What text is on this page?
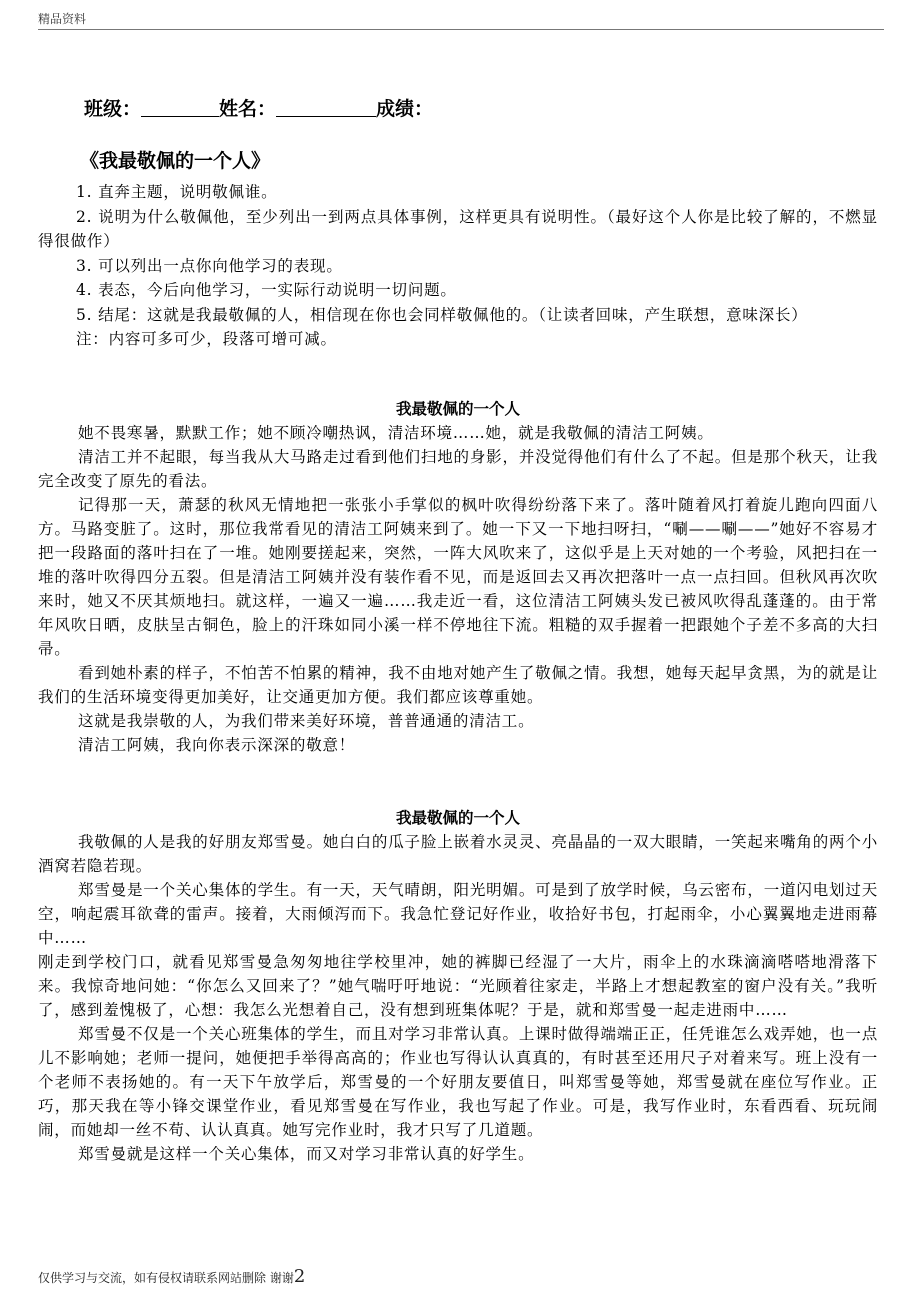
精品资料
班级：	姓名：	成绩：
《我最敬佩的一个人》

1. 直奔主题，说明敬佩谁。

2. 说明为什么敬佩他，至少列出一到两点具体事例，这样更具有说明性。（最好这个人你是比较了解的，不燃显得很做作）

3. 可以列出一点你向他学习的表现。

4. 表态，今后向他学习，一实际行动说明一切问题。

5. 结尾：这就是我最敬佩的人，相信现在你也会同样敬佩他的。（让读者回味，产生联想，意味深长）

注：内容可多可少，段落可增可减。

我最敬佩的一个人

她不畏寒暑，默默工作；她不顾冷嘲热讽，清洁环境……她，就是我敬佩的清洁工阿姨。

清洁工并不起眼，每当我从大马路走过看到他们扫地的身影，并没觉得他们有什么了不起。但是那个秋天，让我完全改变了原先的看法。

记得那一天，萧瑟的秋风无情地把一张张小手掌似的枫叶吹得纷纷落下来了。落叶随着风打着旋儿跑向四面八方。马路变脏了。这时，那位我常看见的清洁工阿姨来到了。她一下又一下地扫呀扫，“唰——唰——”她好不容易才把一段路面的落叶扫在了一堆。她刚要搓起来，突然，一阵大风吹来了，这似乎是上天对她的一个考验，风把扫在一堆的落叶吹得四分五裂。但是清洁工阿姨并没有装作看不见，而是返回去又再次把落叶一点一点扫回。但秋风再次吹来时，她又不厌其烦地扫。就这样，一遍又一遍……我走近一看，这位清洁工阿姨头发已被风吹得乱蓬蓬的。由于常年风吹日晒，皮肤呈古铜色，脸上的汗珠如同小溪一样不停地往下流。粗糙的双手握着一把跟她个子差不多高的大扫帚。

看到她朴素的样子，不怕苦不怕累的精神，我不由地对她产生了敬佩之情。我想，她每天起早贪黑，为的就是让我们的生活环境变得更加美好，让交通更加方便。我们都应该尊重她。

这就是我崇敬的人，为我们带来美好环境，普普通通的清洁工。

清洁工阿姨，我向你表示深深的敬意！

我最敬佩的一个人

我敬佩的人是我的好朋友郑雪曼。她白白的瓜子脸上嵌着水灵灵、亮晶晶的一双大眼睛，一笑起来嘴角的两个小酒窝若隐若现。

郑雪曼是一个关心集体的学生。有一天，天气晴朗，阳光明媚。可是到了放学时候，乌云密布，一道闪电划过天空，响起震耳欲聋的雷声。接着，大雨倾泻而下。我急忙登记好作业，收拾好书包，打起雨伞，小心翼翼地走进雨幕中……

刚走到学校门口，就看见郑雪曼急匆匆地往学校里冲，她的裤脚已经湿了一大片，雨伞上的水珠滴滴嗒嗒地滑落下来。我惊奇地问她：“你怎么又回来了？”她气喘吁吁地说：“光顾着往家走，半路上才想起教室的窗户没有关。”我听了，感到羞愧极了，心想：我怎么光想着自己，没有想到班集体呢？于是，就和郑雪曼一起走进雨中……

郑雪曼不仅是一个关心班集体的学生，而且对学习非常认真。上课时做得端端正正，任凭谁怎么戏弄她，也一点儿不影响她；老师一提问，她便把手举得高高的；作业也写得认认真真的，有时甚至还用尺子对着来写。班上没有一个老师不表扬她的。有一天下午放学后，郑雪曼的一个好朋友要值日，叫郑雪曼等她，郑雪曼就在座位写作业。正巧，那天我在等小锋交课堂作业，看见郑雪曼在写作业，我也写起了作业。可是，我写作业时，东看西看、玩玩闹闹，而她却一丝不苟、认认真真。她写完作业时，我才只写了几道题。

郑雪曼就是这样一个关心集体，而又对学习非常认真的好学生。

仅供学习与交流，如有侵权请联系网站删除 谢谢2
